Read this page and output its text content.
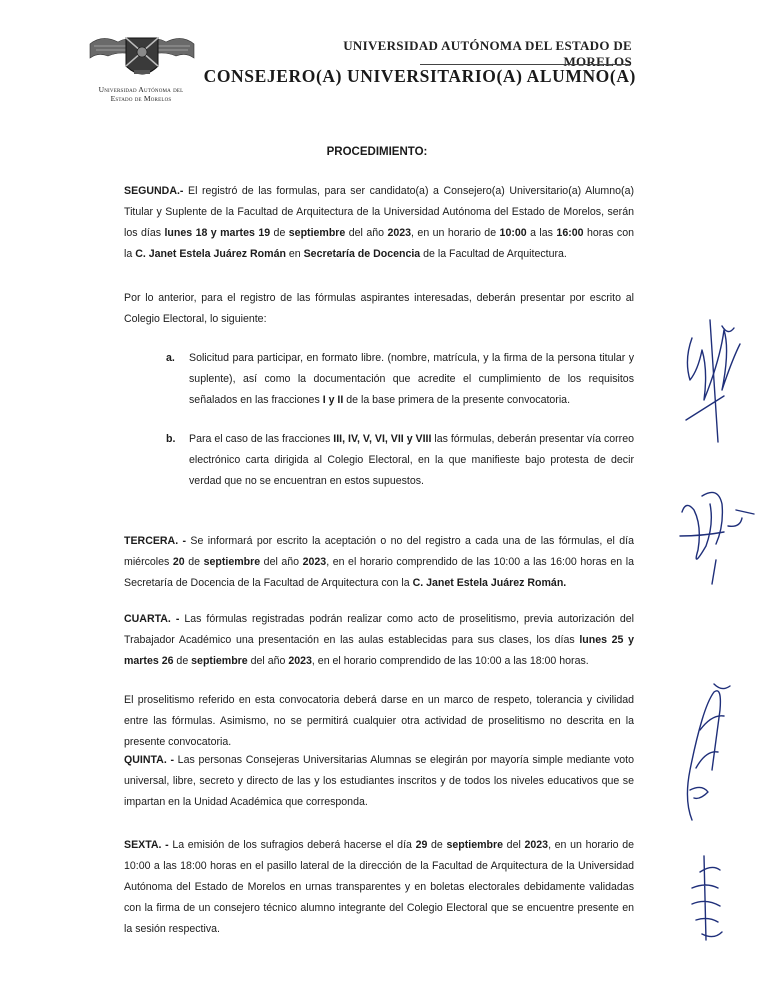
Universidad Autónoma del
Estado de Morelos
UNIVERSIDAD AUTÓNOMA DEL ESTADO DE MORELOS
CONSEJERO(A) UNIVERSITARIO(A) ALUMNO(A)
PROCEDIMIENTO:
SEGUNDA.- El registró de las formulas, para ser candidato(a) a Consejero(a) Universitario(a) Alumno(a) Titular y Suplente de la Facultad de Arquitectura de la Universidad Autónoma del Estado de Morelos, serán los días lunes 18 y martes 19 de septiembre del año 2023, en un horario de 10:00 a las 16:00 horas con la C. Janet Estela Juárez Román en Secretaría de Docencia de la Facultad de Arquitectura.
Por lo anterior, para el registro de las fórmulas aspirantes interesadas, deberán presentar por escrito al Colegio Electoral, lo siguiente:
a. Solicitud para participar, en formato libre. (nombre, matrícula, y la firma de la persona titular y suplente), así como la documentación que acredite el cumplimiento de los requisitos señalados en las fracciones I y II de la base primera de la presente convocatoria.
b. Para el caso de las fracciones III, IV, V, VI, VII y VIII las fórmulas, deberán presentar vía correo electrónico carta dirigida al Colegio Electoral, en la que manifieste bajo protesta de decir verdad que no se encuentran en estos supuestos.
TERCERA. - Se informará por escrito la aceptación o no del registro a cada una de las fórmulas, el día miércoles 20 de septiembre del año 2023, en el horario comprendido de las 10:00 a las 16:00 horas en la Secretaría de Docencia de la Facultad de Arquitectura con la C. Janet Estela Juárez Román.
CUARTA. - Las fórmulas registradas podrán realizar como acto de proselitismo, previa autorización del Trabajador Académico una presentación en las aulas establecidas para sus clases, los días lunes 25 y martes 26 de septiembre del año 2023, en el horario comprendido de las 10:00 a las 18:00 horas.
El proselitismo referido en esta convocatoria deberá darse en un marco de respeto, tolerancia y civilidad entre las fórmulas. Asimismo, no se permitirá cualquier otra actividad de proselitismo no descrita en la presente convocatoria.
QUINTA. - Las personas Consejeras Universitarias Alumnas se elegirán por mayoría simple mediante voto universal, libre, secreto y directo de las y los estudiantes inscritos y de todos los niveles educativos que se impartan en la Unidad Académica que corresponda.
SEXTA. - La emisión de los sufragios deberá hacerse el día 29 de septiembre del 2023, en un horario de 10:00 a las 18:00 horas en el pasillo lateral de la dirección de la Facultad de Arquitectura de la Universidad Autónoma del Estado de Morelos en urnas transparentes y en boletas electorales debidamente validadas con la firma de un consejero técnico alumno integrante del Colegio Electoral que se encuentre presente en la sesión respectiva.
